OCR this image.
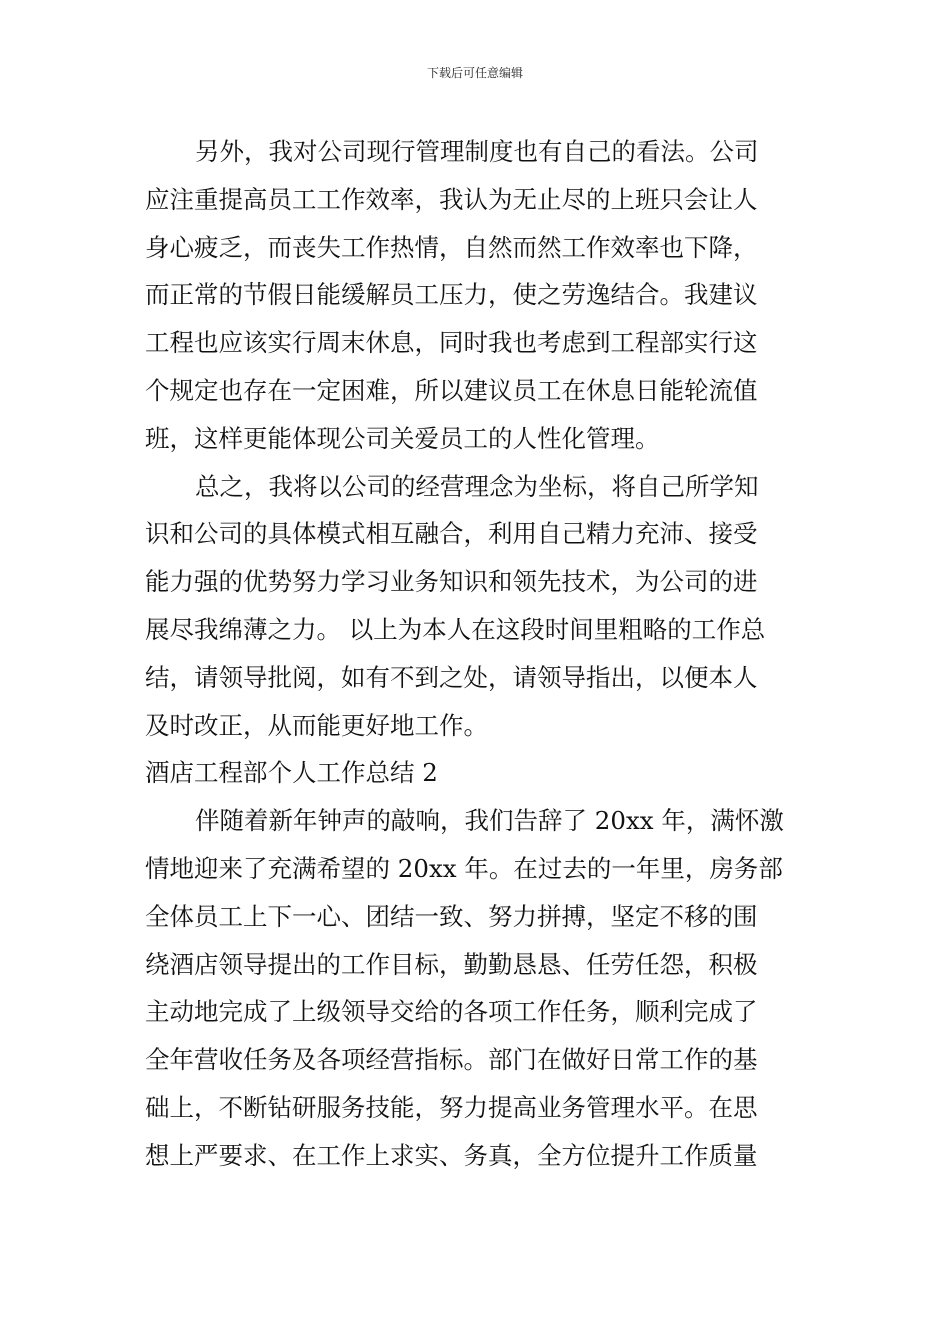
下载后可任意编辑
另外，我对公司现行管理制度也有自己的看法。公司
应注重提高员工工作效率，我认为无止尽的上班只会让人
身心疲乏，而丧失工作热情，自然而然工作效率也下降，
而正常的节假日能缓解员工压力，使之劳逸结合。我建议
工程也应该实行周末休息，同时我也考虑到工程部实行这
个规定也存在一定困难，所以建议员工在休息日能轮流值
班，这样更能体现公司关爱员工的人性化管理。
总之，我将以公司的经营理念为坐标，将自己所学知
识和公司的具体模式相互融合，利用自己精力充沛、接受
能力强的优势努力学习业务知识和领先技术，为公司的进
展尽我绵薄之力。 以上为本人在这段时间里粗略的工作总
结，请领导批阅，如有不到之处，请领导指出，以便本人
及时改正，从而能更好地工作。
酒店工程部个人工作总结 2
伴随着新年钟声的敲响，我们告辞了 20xx 年，满怀激
情地迎来了充满希望的 20xx 年。在过去的一年里，房务部
全体员工上下一心、团结一致、努力拼搏，坚定不移的围
绕酒店领导提出的工作目标，勤勤恳恳、任劳任怨，积极
主动地完成了上级领导交给的各项工作任务，顺利完成了
全年营收任务及各项经营指标。部门在做好日常工作的基
础上，不断钻研服务技能，努力提高业务管理水平。在思
想上严要求、在工作上求实、务真，全方位提升工作质量
